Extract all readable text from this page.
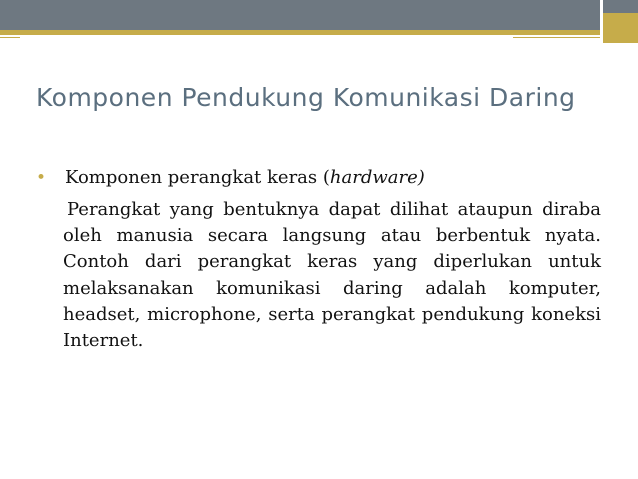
Komponen Pendukung Komunikasi Daring
• Komponen perangkat keras (hardware)

Perangkat yang bentuknya dapat dilihat ataupun diraba oleh manusia secara langsung atau berbentuk nyata. Contoh dari perangkat keras yang diperlukan untuk melaksanakan komunikasi daring adalah komputer, headset, microphone, serta perangkat pendukung koneksi Internet.
